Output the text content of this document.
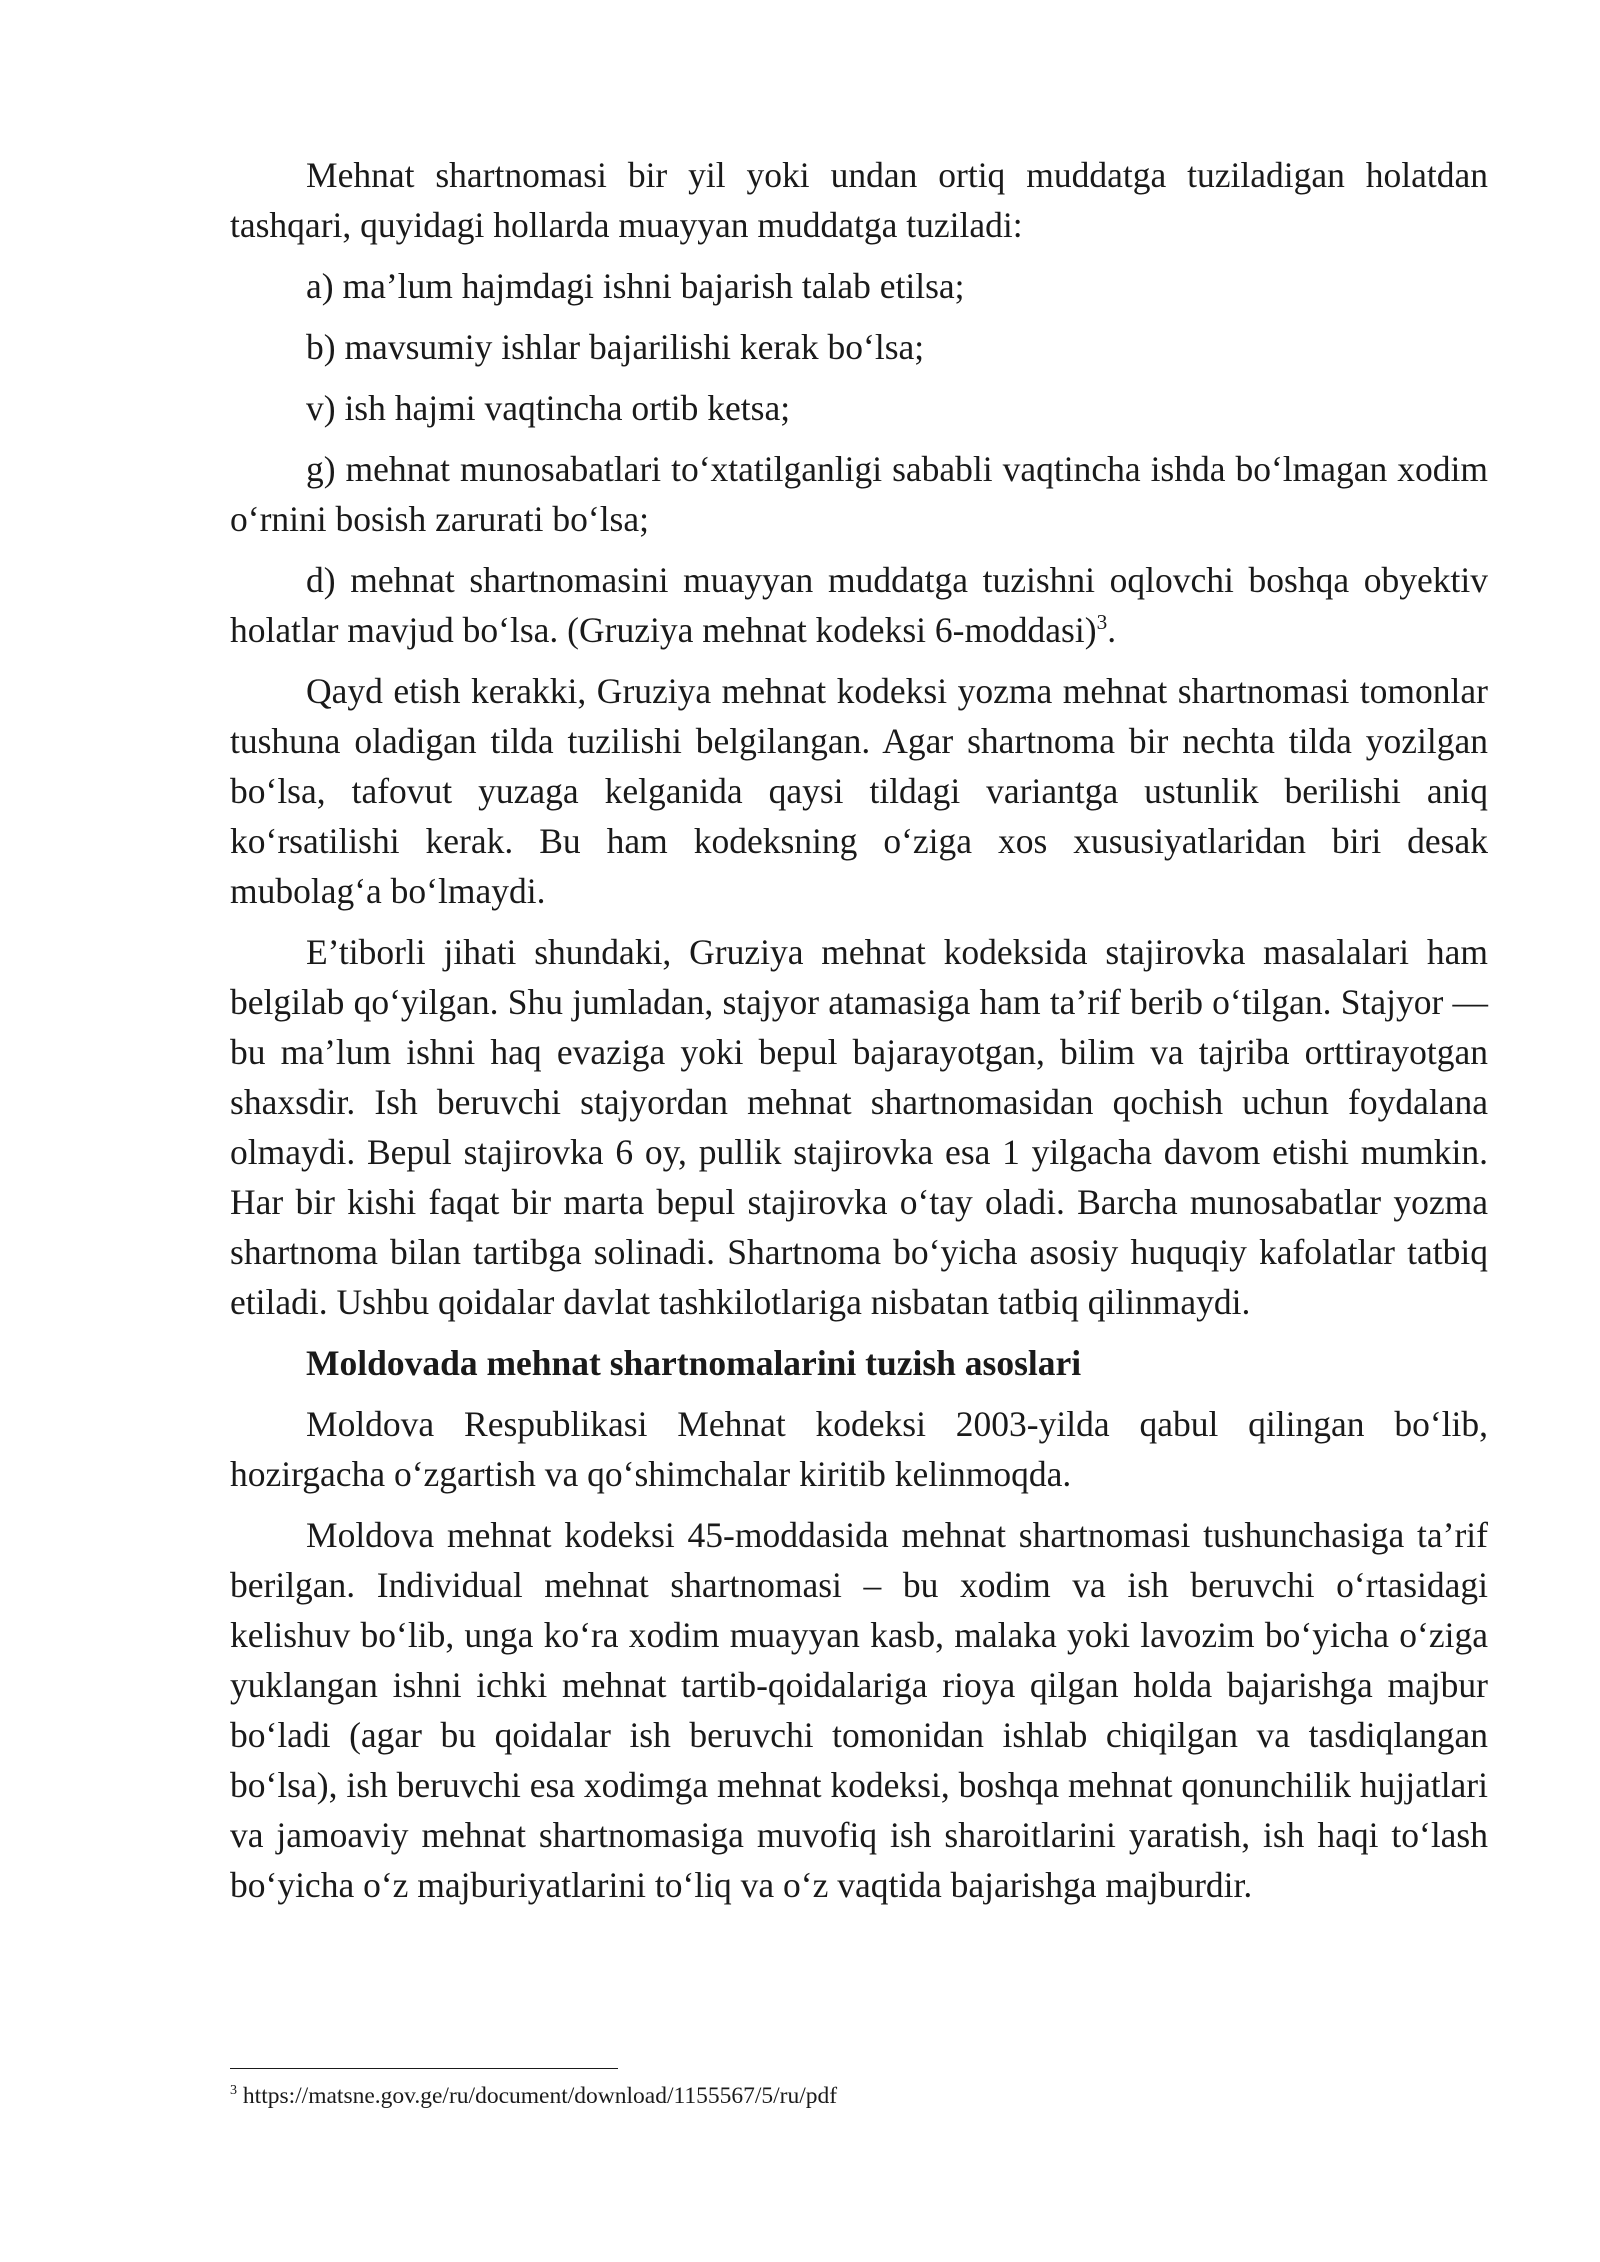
Mehnat shartnomasi bir yil yoki undan ortiq muddatga tuziladigan holatdan tashqari, quyidagi hollarda muayyan muddatga tuziladi:

a) ma’lum hajmdagi ishni bajarish talab etilsa;

b) mavsumiy ishlar bajarilishi kerak bo‘lsa;

v) ish hajmi vaqtincha ortib ketsa;

g) mehnat munosabatlari to‘xtatilganligi sababli vaqtincha ishda bo‘lmagan xodim o‘rnini bosish zarurati bo‘lsa;

d) mehnat shartnomasini muayyan muddatga tuzishni oqlovchi boshqa obyektiv holatlar mavjud bo‘lsa. (Gruziya mehnat kodeksi 6-moddasi)$^3$.

Qayd etish kerakki, Gruziya mehnat kodeksi yozma mehnat shartnomasi tomonlar tushuna oladigan tilda tuzilishi belgilangan. Agar shartnoma bir nechta tilda yozilgan bo‘lsa, tafovut yuzaga kelganida qaysi tildagi variantga ustunlik berilishi aniq ko‘rsatilishi kerak. Bu ham kodeksning o‘ziga xos xususiyatlaridan biri desak mubolag‘a bo‘lmaydi.

E’tiborli jihati shundaki, Gruziya mehnat kodeksida stajirovka masalalari ham belgilab qo‘yilgan. Shu jumladan, stajyor atamasiga ham ta’rif berib o‘tilgan. Stajyor — bu ma’lum ishni haq evaziga yoki bepul bajarayotgan, bilim va tajriba orttirayotgan shaxsdir. Ish beruvchi stajyordan mehnat shartnomasidan qochish uchun foydalana olmaydi. Bepul stajirovka 6 oy, pullik stajirovka esa 1 yilgacha davom etishi mumkin. Har bir kishi faqat bir marta bepul stajirovka o‘tay oladi. Barcha munosabatlar yozma shartnoma bilan tartibga solinadi. Shartnoma bo‘yicha asosiy huquqiy kafolatlar tatbiq etiladi. Ushbu qoidalar davlat tashkilotlariga nisbatan tatbiq qilinmaydi.

Moldovada mehnat shartnomalarini tuzish asoslari

Moldova Respublikasi Mehnat kodeksi 2003-yilda qabul qilingan bo‘lib, hozirgacha o‘zgartish va qo‘shimchalar kiritib kelinmoqda.

Moldova mehnat kodeksi 45-moddasida mehnat shartnomasi tushunchasiga ta’rif berilgan. Individual mehnat shartnomasi – bu xodim va ish beruvchi o‘rtasidagi kelishuv bo‘lib, unga ko‘ra xodim muayyan kasb, malaka yoki lavozim bo‘yicha o‘ziga yuklangan ishni ichki mehnat tartib-qoidalariga rioya qilgan holda bajarishga majbur bo‘ladi (agar bu qoidalar ish beruvchi tomonidan ishlab chiqilgan va tasdiqlangan bo‘lsa), ish beruvchi esa xodimga mehnat kodeksi, boshqa mehnat qonunchilik hujjatlari va jamoaviy mehnat shartnomasiga muvofiq ish sharoitlarini yaratish, ish haqi to‘lash bo‘yicha o‘z majburiyatlarini to‘liq va o‘z vaqtida bajarishga majburdir.

$^3$ https://matsne.gov.ge/ru/document/download/1155567/5/ru/pdf
